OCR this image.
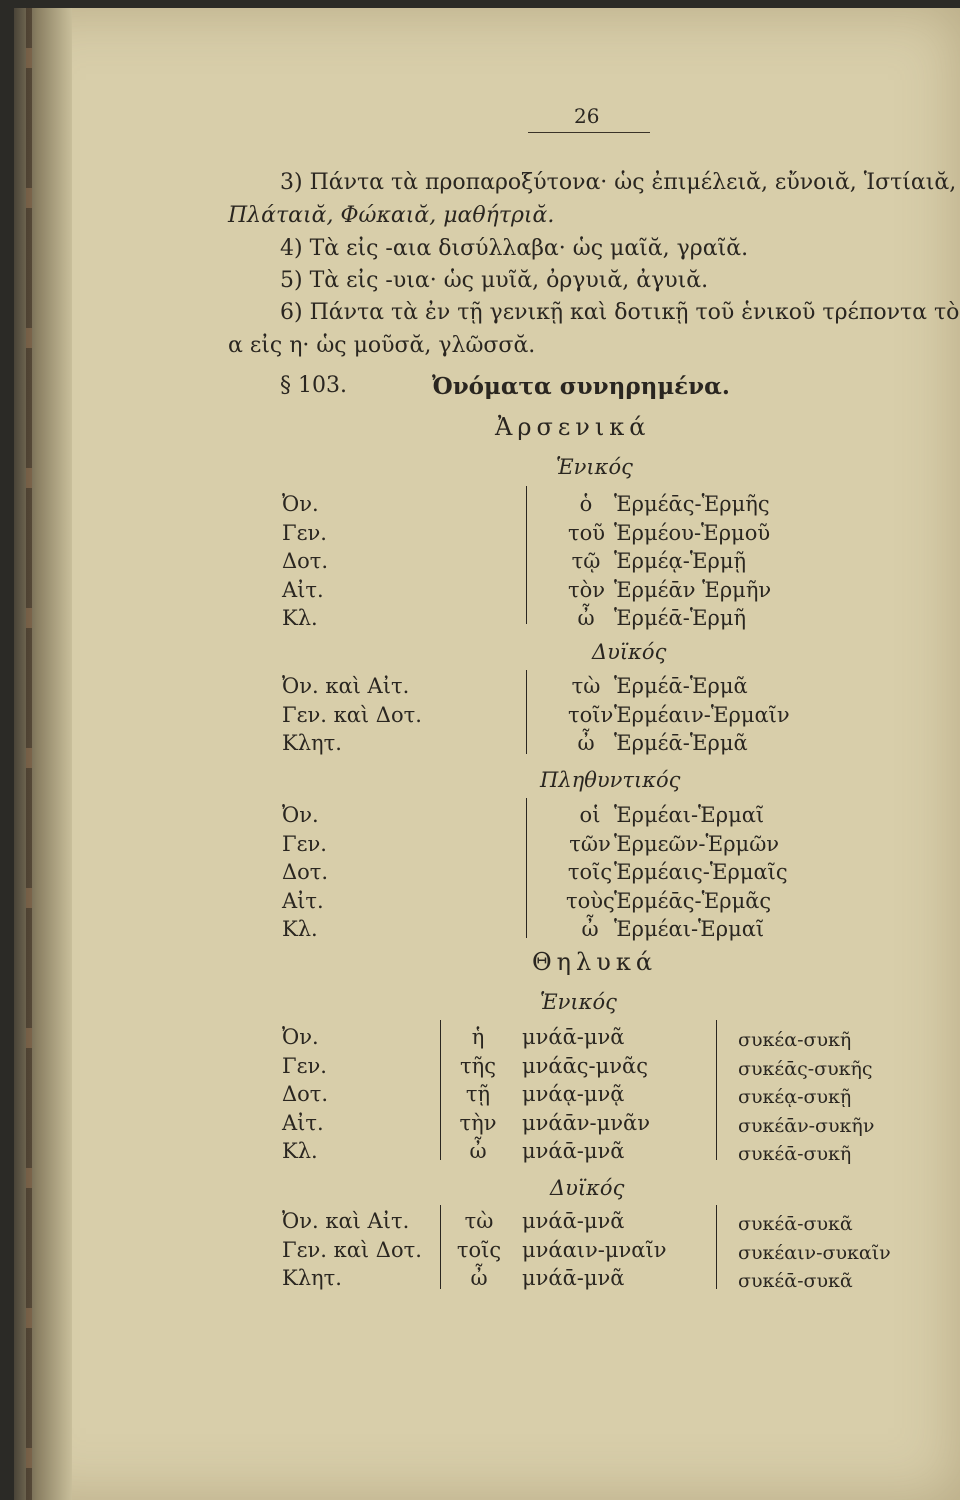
26
3) Πάντα τὰ προπαροξύτονα· ὡς ἐπιμέλειᾰ, εὔνοιᾰ, Ἱστίαιᾰ,
Πλάταιᾰ, Φώκαιᾰ, μαθήτριᾰ.
4) Τὰ εἰς -αια δισύλλαβα· ὡς μαῖᾰ, γραῖᾰ.
5) Τὰ εἰς -υια· ὡς μυῖᾰ, ὀργυιᾰ, ἀγυιᾰ.
6) Πάντα τὰ ἐν τῇ γενικῇ καὶ δοτικῇ τοῦ ἑνικοῦ τρέποντα τὸ
α εἰς η· ὡς μοῦσᾰ, γλῶσσᾰ.
§ 103.	Ὀνόματα συνηρημένα.
Ἀρσενικά
Ἑνικός
Ὀν.
Γεν.
Δοτ.
Αἰτ.
Κλ.
ὁ
τοῦ
τῷ
τὸν
ὦ
Ἑρμέᾱς-Ἑρμῆς
Ἑρμέου-Ἑρμοῦ
Ἑρμέᾳ-Ἑρμῇ
Ἑρμέᾱν Ἑρμῆν
Ἑρμέᾱ-Ἑρμῆ
Δυϊκός
Ὀν. καὶ Αἰτ.
Γεν. καὶ Δοτ.
Κλητ.
τὼ
τοῖν
ὦ
Ἑρμέᾱ-Ἑρμᾶ
Ἑρμέαιν-Ἑρμαῖν
Ἑρμέᾱ-Ἑρμᾶ
Πληθυντικός
Ὀν.
Γεν.
Δοτ.
Αἰτ.
Κλ.
οἱ
τῶν
τοῖς
τοὺς
ὦ
Ἑρμέαι-Ἑρμαῖ
Ἑρμεῶν-Ἑρμῶν
Ἑρμέαις-Ἑρμαῖς
Ἑρμέᾱς-Ἑρμᾶς
Ἑρμέαι-Ἑρμαῖ
Θηλυκά
Ἑνικός
Ὀν.
Γεν.
Δοτ.
Αἰτ.
Κλ.
ἡ
τῆς
τῇ
τὴν
ὦ
μνάᾱ-μνᾶ
μνάᾱς-μνᾶς
μνάᾳ-μνᾷ
μνάᾱν-μνᾶν
μνάᾱ-μνᾶ
συκέα-συκῆ
συκέᾱς-συκῆς
συκέᾳ-συκῇ
συκέᾱν-συκῆν
συκέᾱ-συκῆ
Δυϊκός
Ὀν. καὶ Αἰτ.
Γεν. καὶ Δοτ.
Κλητ.
τὼ
τοῖς
ὦ
μνάᾱ-μνᾶ
μνάαιν-μναῖν
μνάᾱ-μνᾶ
συκέᾱ-συκᾶ
συκέαιν-συκαῖν
συκέᾱ-συκᾶ
